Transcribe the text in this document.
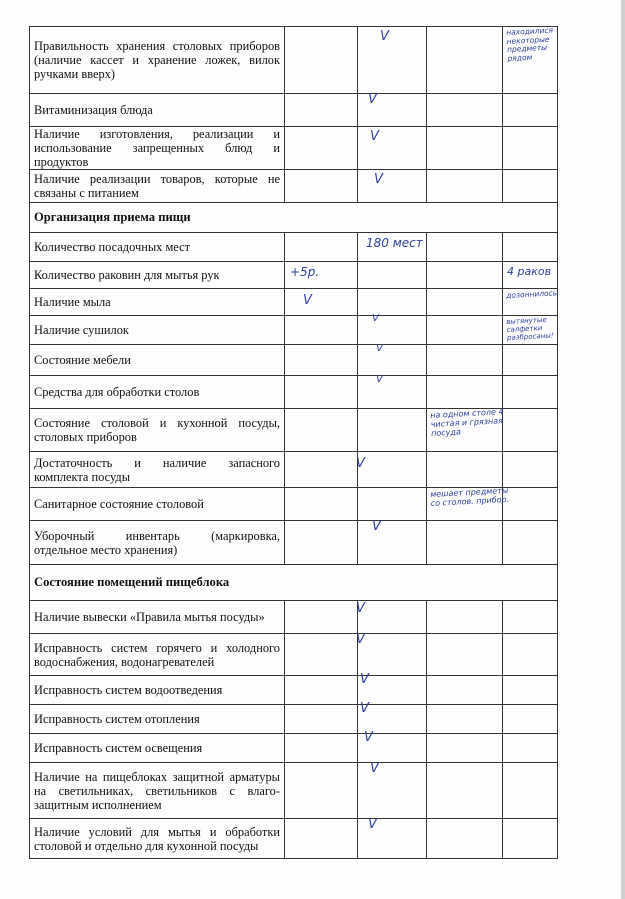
Правильность хранения столовых приборов (наличие кассет и хранение ложек, вилок ручками вверх)		V		находилися некоторые предметы рядом

Витаминизация блюда		V		

Наличие изготовления, реализации и использование запрещенных блюд и продуктов		V		

Наличие реализации товаров, которые не связаны с питанием		V		

Организация приема пищи				
Количество посадочных мест		180 мест		

Количество раковин для мытья рук	+5р.			4 раков

Наличие мыла	V			дозоннилось

Наличие сушилок		V		вытянутые салфетки разбросаны!

Состояние мебели		V		

Средства для обработки столов		V		

Состояние столовой и кухонной посуды, столовых приборов			на одном столе 4 чистая и грязная посуда	

Достаточность и наличие запасного комплекта посуды		V		

Санитарное состояние столовой			мешает предметы со столов. прибор.	

Уборочный инвентарь (маркировка, отдельное место хранения)		V		

Состояние помещений пищеблока				
Наличие вывески «Правила мытья посуды»		V		

Исправность систем горячего и холодного водоснабжения, водонагревателей		V		

Исправность систем водоотведения		V		

Исправность систем отопления		V		

Исправность систем освещения		V		

Наличие на пищеблоках защитной арматуры на светильниках, светильников с влаго-защитным исполнением		V		

Наличие условий для мытья и обработки столовой и отдельно для кухонной посуды		V		
